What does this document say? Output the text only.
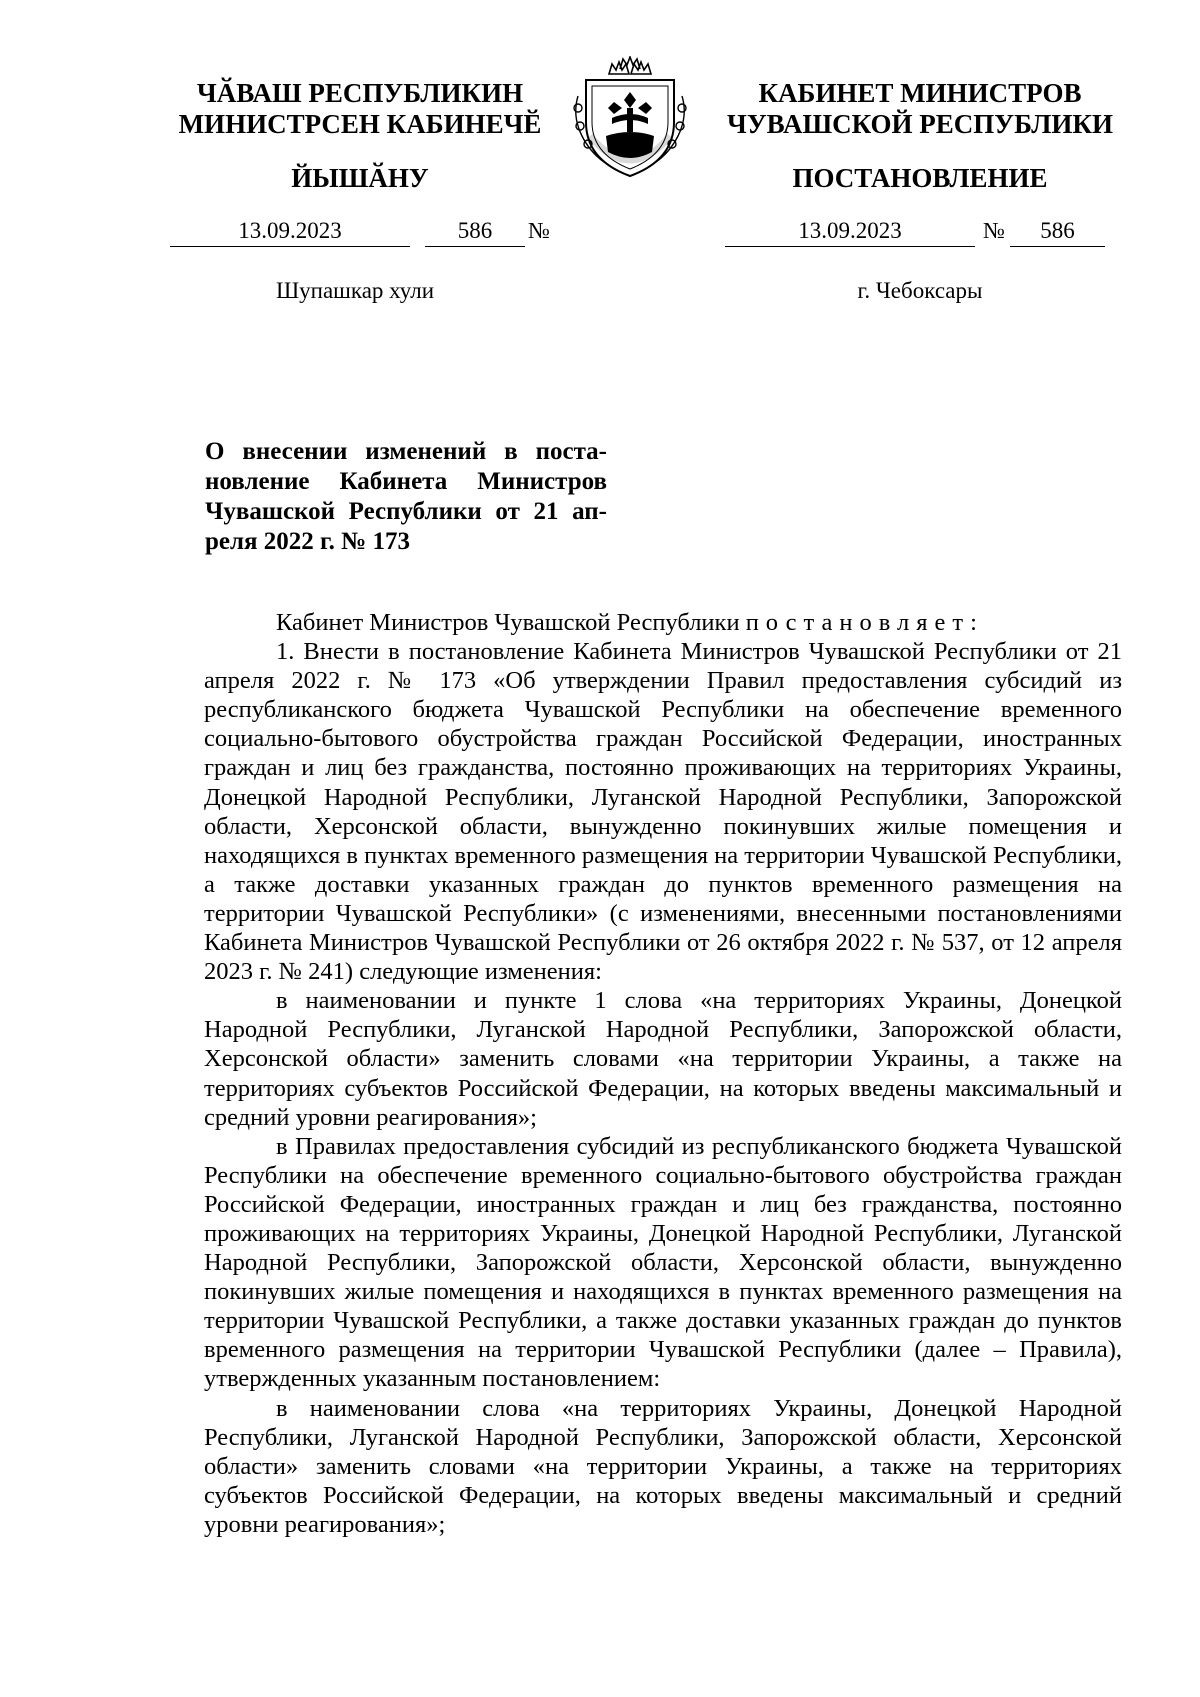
ЧӐВАШ РЕСПУБЛИКИН
МИНИСТРСЕН КАБИНЕЧӖ
ЙЫШӐНУ
КАБИНЕТ МИНИСТРОВ
ЧУВАШСКОЙ РЕСПУБЛИКИ
ПОСТАНОВЛЕНИЕ
13.09.2023	586	№	13.09.2023	№	586
Шупашкар хули	г. Чебоксары
О внесении изменений в поста-
новление Кабинета Министров
Чувашской Республики от 21 ап-
реля 2022 г. № 173

Кабинет Министров Чувашской Республики постановляет:

1. Внести в постановление Кабинета Министров Чувашской Республики от 21 апреля 2022 г. № 173 «Об утверждении Правил предоставления субсидий из республиканского бюджета Чувашской Республики на обеспечение временного социально-бытового обустройства граждан Российской Федерации, иностранных граждан и лиц без гражданства, постоянно проживающих на территориях Украины, Донецкой Народной Республики, Луганской Народной Республики, Запорожской области, Херсонской области, вынужденно покинувших жилые помещения и находящихся в пунктах временного размещения на территории Чувашской Республики, а также доставки указанных граждан до пунктов временного размещения на территории Чувашской Республики» (с изменениями, внесенными постановлениями Кабинета Министров Чувашской Республики от 26 октября 2022 г. № 537, от 12 апреля 2023 г. № 241) следующие изменения:

в наименовании и пункте 1 слова «на территориях Украины, Донецкой Народной Республики, Луганской Народной Республики, Запорожской области, Херсонской области» заменить словами «на территории Украины, а также на территориях субъектов Российской Федерации, на которых введены максимальный и средний уровни реагирования»;

в Правилах предоставления субсидий из республиканского бюджета Чувашской Республики на обеспечение временного социально-бытового обустройства граждан Российской Федерации, иностранных граждан и лиц без гражданства, постоянно проживающих на территориях Украины, Донецкой Народной Республики, Луганской Народной Республики, Запорожской области, Херсонской области, вынужденно покинувших жилые помещения и находящихся в пунктах временного размещения на территории Чувашской Республики, а также доставки указанных граждан до пунктов временного размещения на территории Чувашской Республики (далее – Правила), утвержденных указанным постановлением:

в наименовании слова «на территориях Украины, Донецкой Народной Республики, Луганской Народной Республики, Запорожской области, Херсонской области» заменить словами «на территории Украины, а также на территориях субъектов Российской Федерации, на которых введены максимальный и средний уровни реагирования»;
